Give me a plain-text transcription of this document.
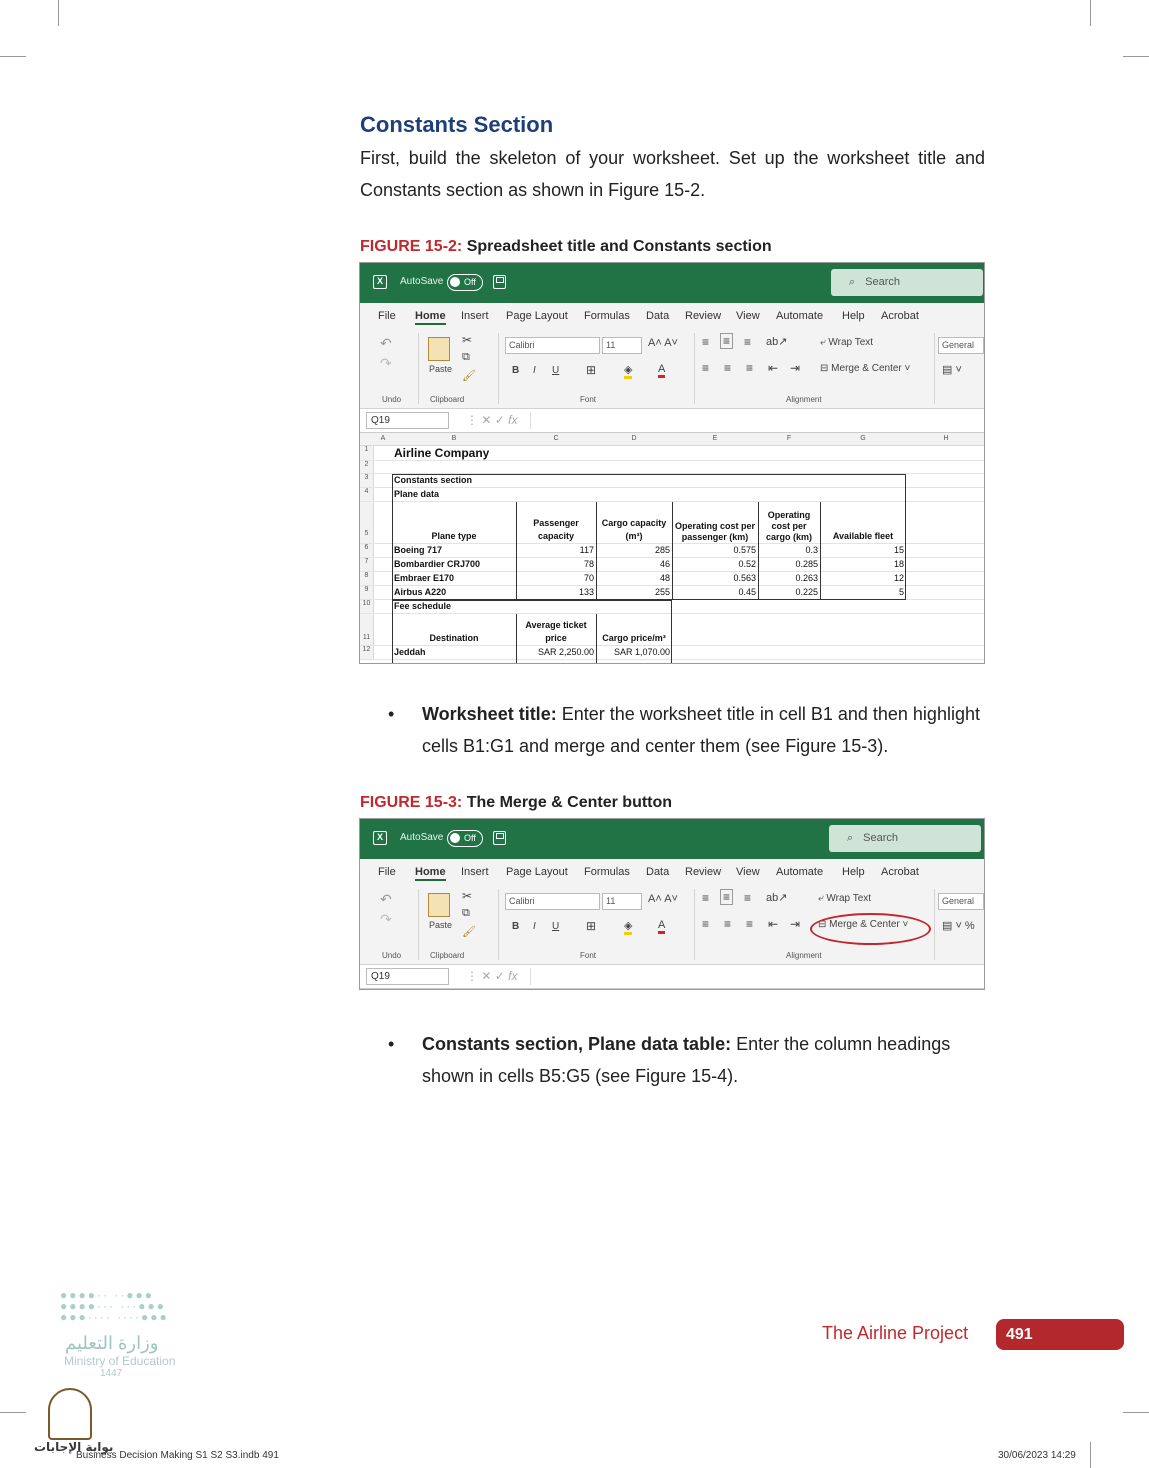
Constants Section
First, build the skeleton of your worksheet. Set up the worksheet title and Constants section as shown in Figure 15-2.
FIGURE 15-2: Spreadsheet title and Constants section
X	AutoSave	Off	⌕ Search
File Home Insert Page Layout Formulas Data Review View Automate Help Acrobat
↶
↷
Undo
Paste
✂
⧉
🖌
Clipboard
Calibri	11	A˄ A˅
B I U ⊞	◈ A
Font
≡ ≡ ≡ ab↗
≡ ≡ ≡ ⇤ ⇥
⤶ Wrap Text
⊟ Merge & Center ˅
Alignment
General
▤ ˅
Q19	⋮ ✕ ✓ fx
A	B	C	D	E	F	G	H
1	Airline Company
2
3	Constants section
4	Plane data
5	Plane type
Passenger capacity
Cargo capacity (m³)
Operating cost per passenger (km)
Operating cost per cargo (km)	Available fleet
6	Boeing 717	117	285	0.575	0.3	15
7	Bombardier CRJ700	78	46	0.52	0.285	18
8	Embraer E170	70	48	0.563	0.263	12
9	Airbus A220	133	255	0.45	0.225	5
10	Fee schedule
11	Destination
Average ticket price	Cargo price/m³
12	Jeddah	SAR 2,250.00	SAR 1,070.00
•	Worksheet title: Enter the worksheet title in cell B1 and then highlight cells B1:G1 and merge and center them (see Figure 15-3).
FIGURE 15-3: The Merge & Center button
X	AutoSave	Off	⌕ Search
File Home Insert Page Layout Formulas Data Review View Automate Help Acrobat
↶
↷
Undo
Paste
✂
⧉
🖌
Clipboard
Calibri	11	A˄ A˅
B I U ⊞	◈ A
Font
≡ ≡ ≡ ab↗
≡ ≡ ≡ ⇤ ⇥
⤶ Wrap Text
⊟ Merge & Center ˅
Alignment
General
▤ ˅ %
Q19	⋮ ✕ ✓ fx
•	Constants section, Plane data table: Enter the column headings shown in cells B5:G5 (see Figure 15-4).
●●●●·· ··●●●
●●●●··· ···●●●
●●●···· ····●●●
وزارة التعليم
Ministry of Education
1447
بوابة الإجابات
The Airline Project	491
Business Decision Making S1 S2 S3.indb 491	30/06/2023 14:29
